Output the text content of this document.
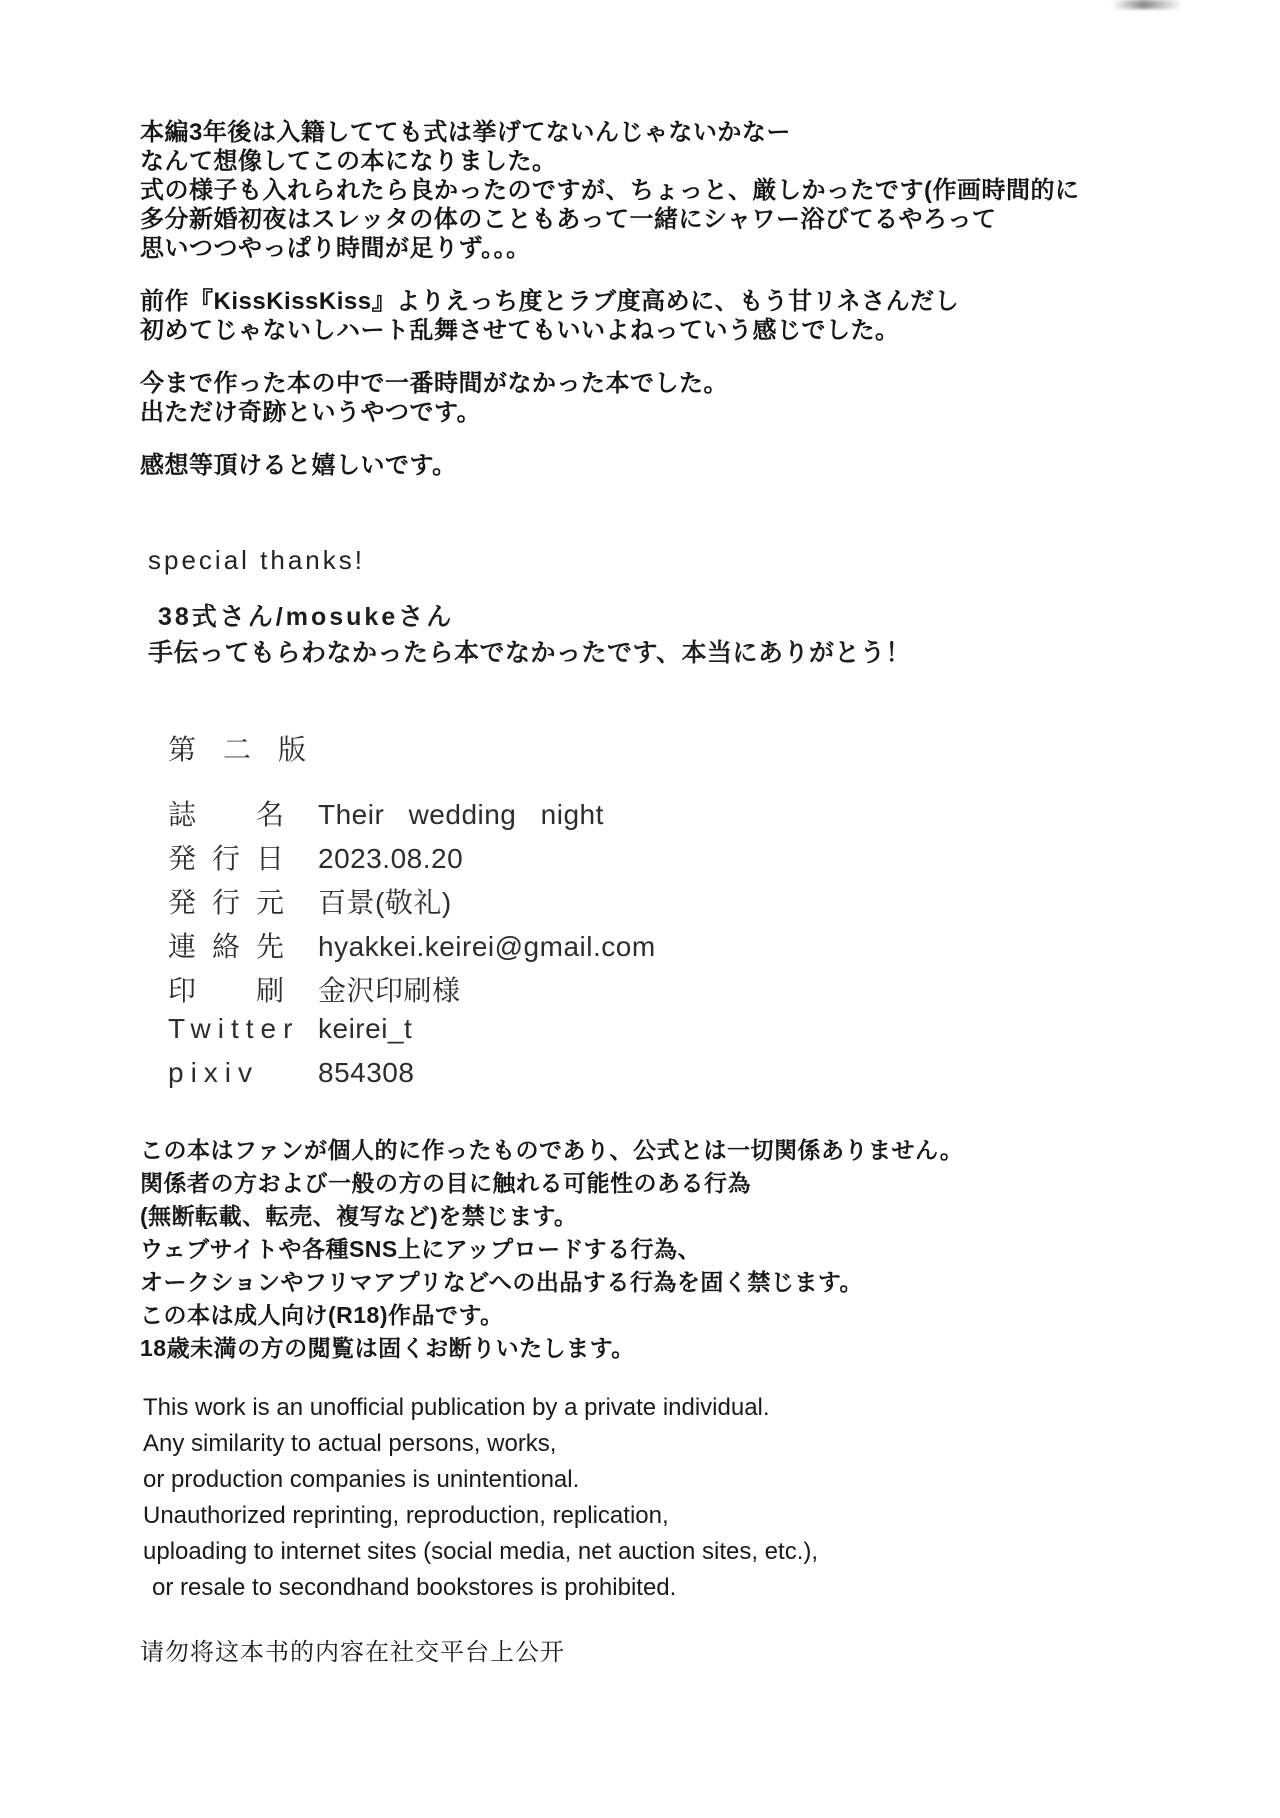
本編3年後は入籍してても式は挙げてないんじゃないかなー
なんて想像してこの本になりました。
式の様子も入れられたら良かったのですが、ちょっと、厳しかったです(作画時間的に
多分新婚初夜はスレッタの体のこともあって一緒にシャワー浴びてるやろって
思いつつやっぱり時間が足りず。。。
前作『KissKissKiss』よりえっち度とラブ度高めに、もう甘リネさんだし
初めてじゃないしハート乱舞させてもいいよねっていう感じでした。
今まで作った本の中で一番時間がなかった本でした。
出ただけ奇跡というやつです。
感想等頂けると嬉しいです。
special thanks!
38式さん/mosukeさん
手伝ってもらわなかったら本でなかったです、本当にありがとう！
第二版
誌名 Their wedding night
発行日 2023.08.20
発行元 百景(敬礼)
連絡先 hyakkei.keirei@gmail.com
印刷 金沢印刷様
Twitter keirei_t
pixiv	854308
この本はファンが個人的に作ったものであり、公式とは一切関係ありません。
関係者の方および一般の方の目に触れる可能性のある行為
(無断転載、転売、複写など)を禁じます。
ウェブサイトや各種SNS上にアップロードする行為、
オークションやフリマアプリなどへの出品する行為を固く禁じます。
この本は成人向け(R18)作品です。
18歳未満の方の閲覧は固くお断りいたします。
This work is an unofficial publication by a private individual.
Any similarity to actual persons, works,
or production companies is unintentional.
Unauthorized reprinting, reproduction, replication,
uploading to internet sites (social media, net auction sites, etc.),
or resale to secondhand bookstores is prohibited.
请勿将这本书的内容在社交平台上公开
